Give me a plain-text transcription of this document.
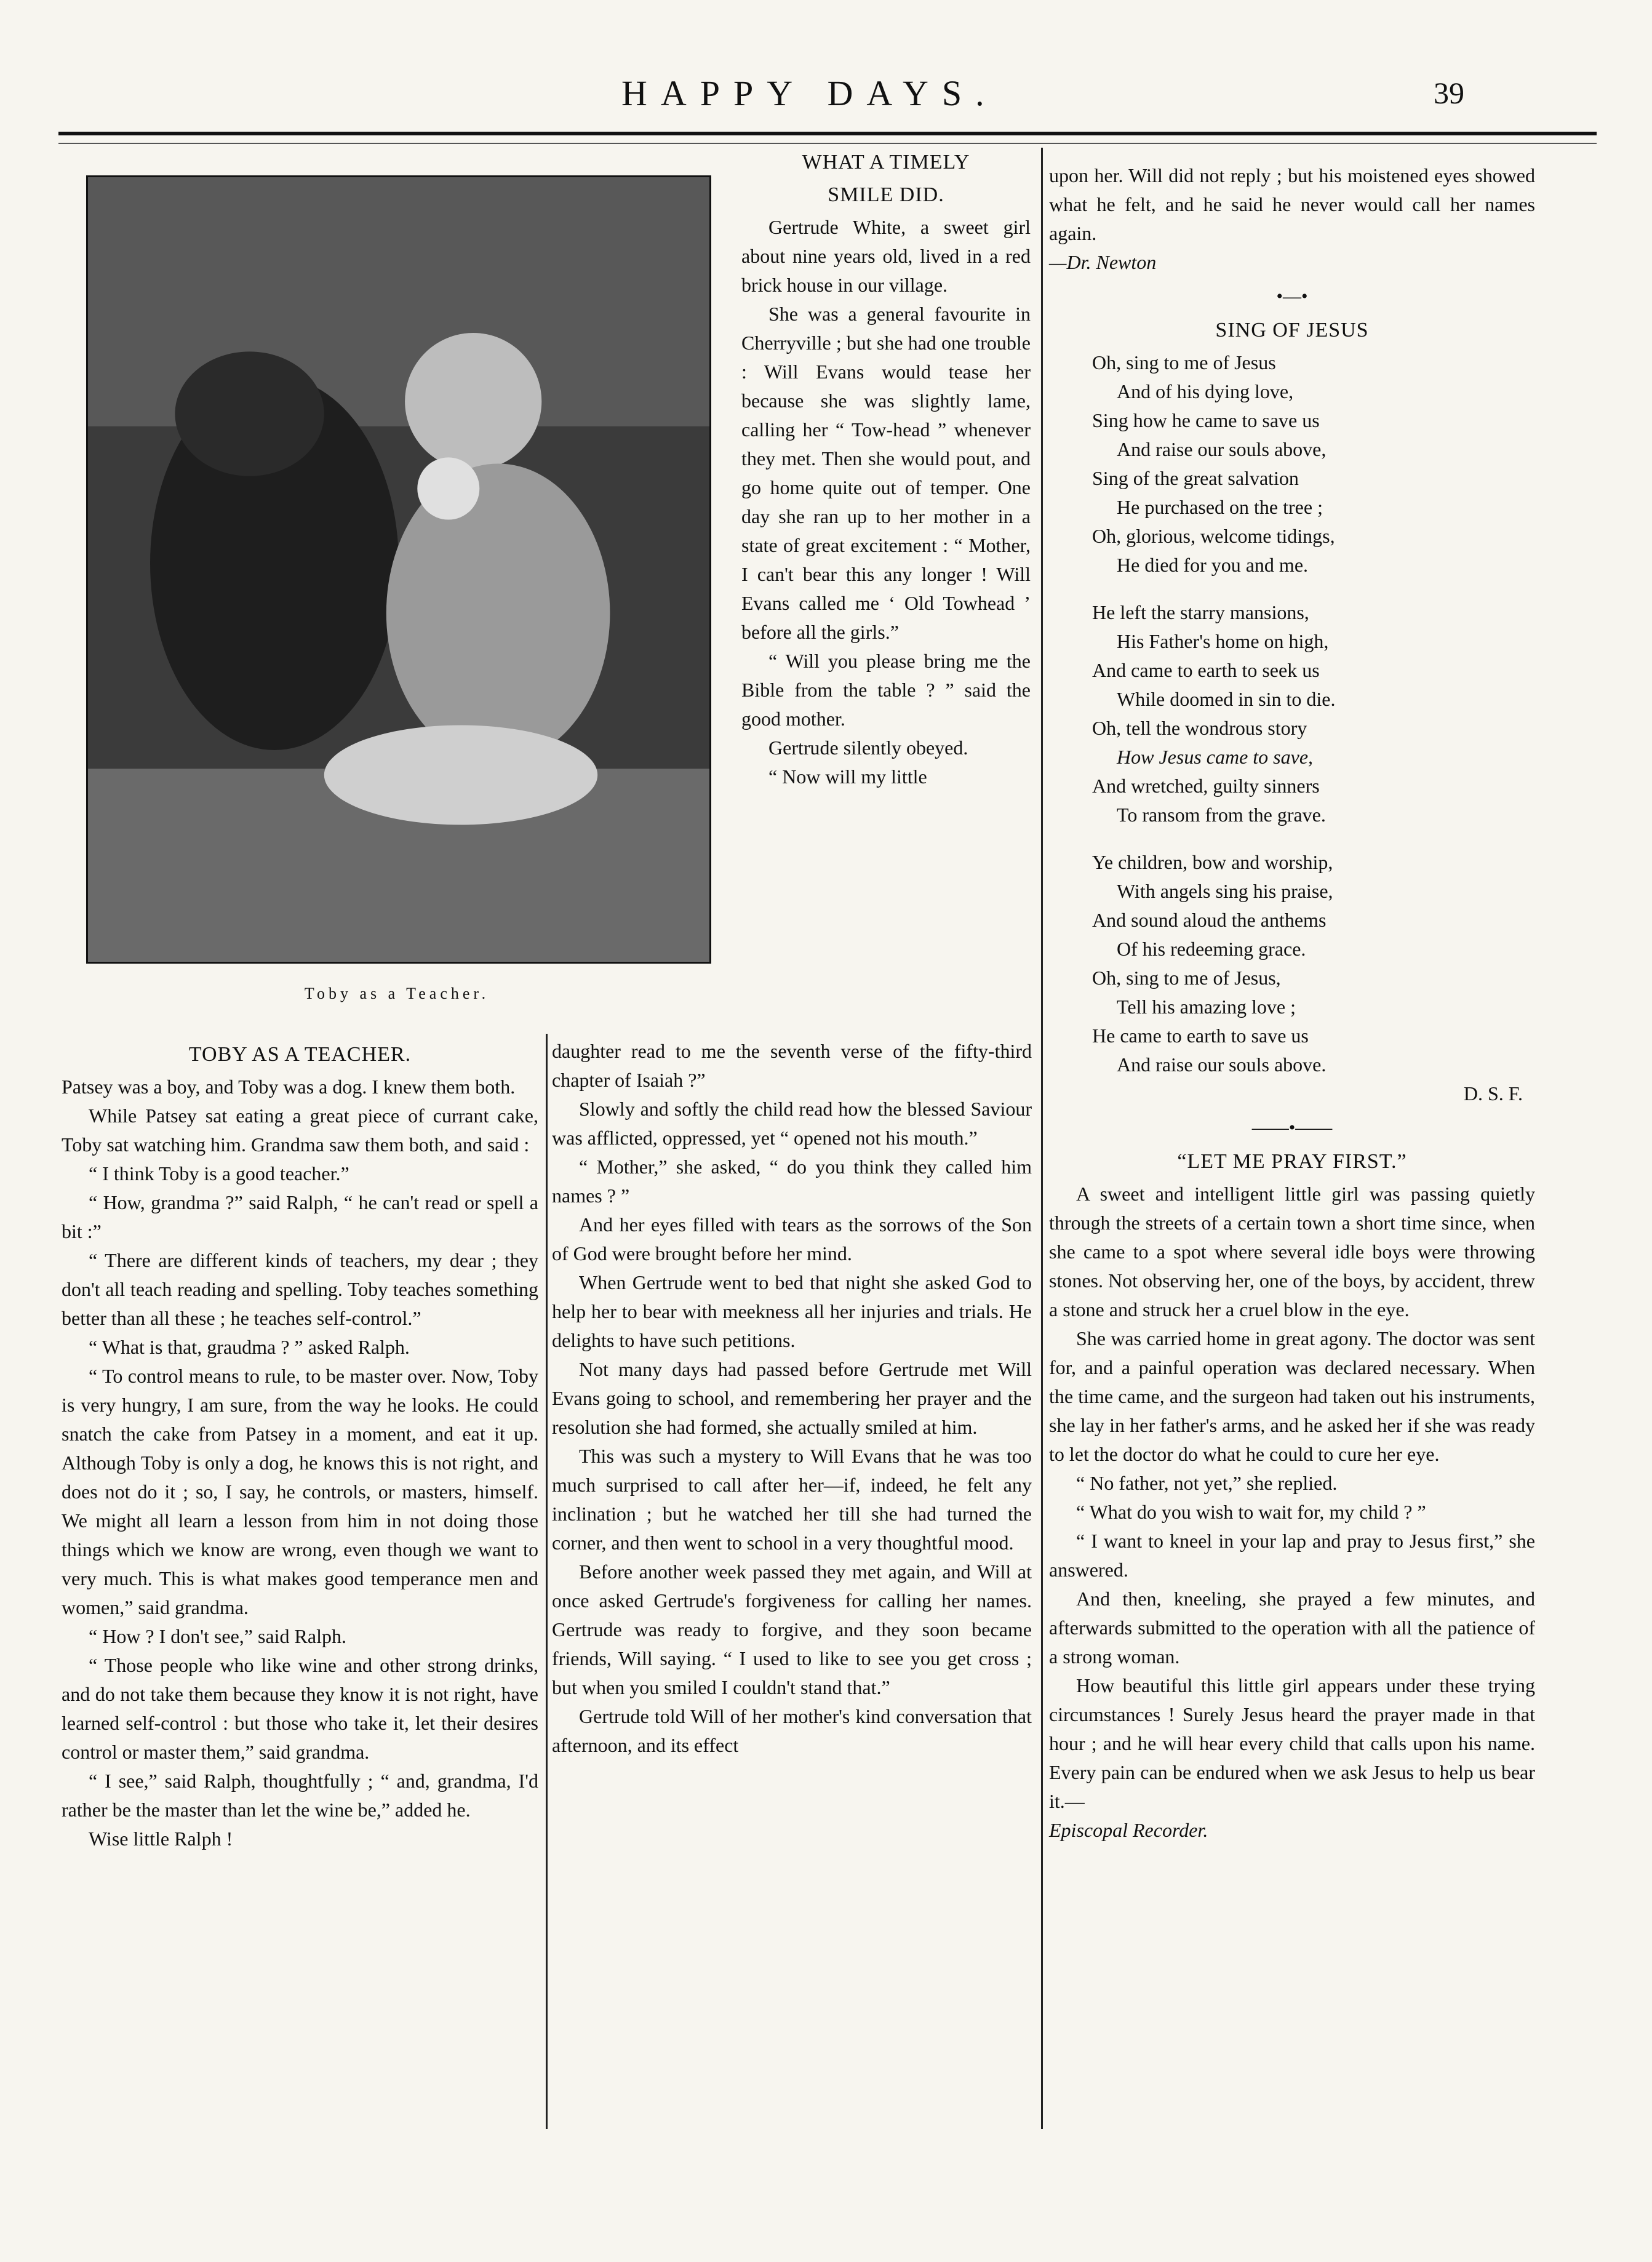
HAPPY DAYS.	39
Toby as a Teacher.
TOBY AS A TEACHER.

Patsey was a boy, and Toby was a dog. I knew them both.

While Patsey sat eating a great piece of currant cake, Toby sat watching him. Grandma saw them both, and said :

“ I think Toby is a good teacher.”

“ How, grandma ?” said Ralph, “ he can't read or spell a bit :”

“ There are different kinds of teachers, my dear ; they don't all teach reading and spelling. Toby teaches something better than all these ; he teaches self-control.”

“ What is that, graudma ? ” asked Ralph.

“ To control means to rule, to be master over. Now, Toby is very hungry, I am sure, from the way he looks. He could snatch the cake from Patsey in a moment, and eat it up. Although Toby is only a dog, he knows this is not right, and does not do it ; so, I say, he controls, or masters, himself. We might all learn a lesson from him in not doing those things which we know are wrong, even though we want to very much. This is what makes good temperance men and women,” said grandma.

“ How ? I don't see,” said Ralph.

“ Those people who like wine and other strong drinks, and do not take them because they know it is not right, have learned self-control : but those who take it, let their desires control or master them,” said grandma.

“ I see,” said Ralph, thoughtfully ; “ and, grandma, I'd rather be the master than let the wine be,” added he.

Wise little Ralph !

WHAT A TIMELY
SMILE DID.

Gertrude White, a sweet girl about nine years old, lived in a red brick house in our village.

She was a general favourite in Cherryville ; but she had one trouble : Will Evans would tease her because she was slightly lame, calling her “ Tow-head ” whenever they met. Then she would pout, and go home quite out of temper. One day she ran up to her mother in a state of great excitement : “ Mother, I can't bear this any longer ! Will Evans called me ‘ Old Towhead ’ before all the girls.”

“ Will you please bring me the Bible from the table ? ” said the good mother.

Gertrude silently obeyed.

“ Now will my little

daughter read to me the seventh verse of the fifty-third chapter of Isaiah ?”

Slowly and softly the child read how the blessed Saviour was afflicted, oppressed, yet “ opened not his mouth.”

“ Mother,” she asked, “ do you think they called him names ? ”

And her eyes filled with tears as the sorrows of the Son of God were brought before her mind.

When Gertrude went to bed that night she asked God to help her to bear with meekness all her injuries and trials. He delights to have such petitions.

Not many days had passed before Gertrude met Will Evans going to school, and remembering her prayer and the resolution she had formed, she actually smiled at him.

This was such a mystery to Will Evans that he was too much surprised to call after her—if, indeed, he felt any inclination ; but he watched her till she had turned the corner, and then went to school in a very thoughtful mood.

Before another week passed they met again, and Will at once asked Gertrude's forgiveness for calling her names. Gertrude was ready to forgive, and they soon became friends, Will saying. “ I used to like to see you get cross ; but when you smiled I couldn't stand that.”

Gertrude told Will of her mother's kind conversation that afternoon, and its effect

upon her. Will did not reply ; but his moistened eyes showed what he felt, and he said he never would call her names again.

—Dr. Newton

•—•
SING OF JESUS
Oh, sing to me of Jesus
And of his dying love,
Sing how he came to save us
And raise our souls above,
Sing of the great salvation
He purchased on the tree ;
Oh, glorious, welcome tidings,
He died for you and me.
He left the starry mansions,
His Father's home on high,
And came to earth to seek us
While doomed in sin to die.
Oh, tell the wondrous story
How Jesus came to save,
And wretched, guilty sinners
To ransom from the grave.
Ye children, bow and worship,
With angels sing his praise,
And sound aloud the anthems
Of his redeeming grace.
Oh, sing to me of Jesus,
Tell his amazing love ;
He came to earth to save us
And raise our souls above.
D. S. F.
——•——
“LET ME PRAY FIRST.”

A sweet and intelligent little girl was passing quietly through the streets of a certain town a short time since, when she came to a spot where several idle boys were throwing stones. Not observing her, one of the boys, by accident, threw a stone and struck her a cruel blow in the eye.

She was carried home in great agony. The doctor was sent for, and a painful operation was declared necessary. When the time came, and the surgeon had taken out his instruments, she lay in her father's arms, and he asked her if she was ready to let the doctor do what he could to cure her eye.

“ No father, not yet,” she replied.

“ What do you wish to wait for, my child ? ”

“ I want to kneel in your lap and pray to Jesus first,” she answered.

And then, kneeling, she prayed a few minutes, and afterwards submitted to the operation with all the patience of a strong woman.

How beautiful this little girl appears under these trying circumstances ! Surely Jesus heard the prayer made in that hour ; and he will hear every child that calls upon his name. Every pain can be endured when we ask Jesus to help us bear it.—

Episcopal Recorder.
